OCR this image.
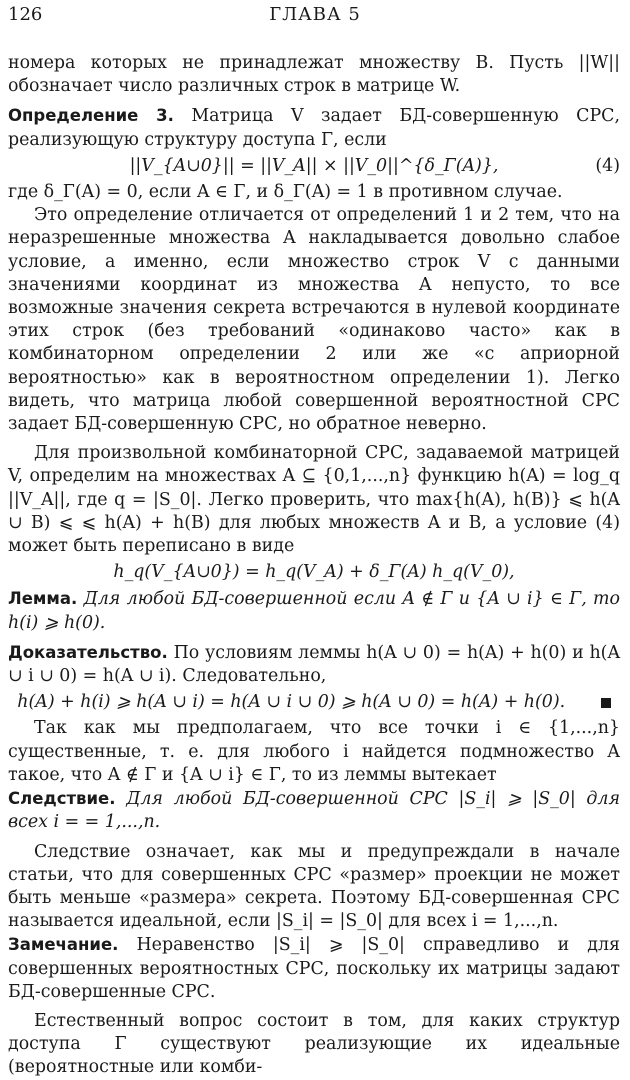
126	ГЛАВА 5

номера которых не принадлежат множеству B. Пусть ||W|| обозначает число различных строк в матрице W.

Определение 3. Матрица V задает БД-совершенную СРС, реализующую структуру доступа Γ, если

||V_{A∪0}|| = ||V_A|| × ||V_0||^{δ_Γ(A)},	(4)

где δ_Γ(A) = 0, если A ∈ Γ, и δ_Γ(A) = 1 в противном случае.

Это определение отличается от определений 1 и 2 тем, что на неразрешенные множества A накладывается довольно слабое условие, а именно, если множество строк V с данными значениями координат из множества A непусто, то все возможные значения секрета встречаются в нулевой координате этих строк (без требований «одинаково часто» как в комбинаторном определении 2 или же «с априорной вероятностью» как в вероятностном определении 1). Легко видеть, что матрица любой совершенной вероятностной СРС задает БД-совершенную СРС, но обратное неверно.

Для произвольной комбинаторной СРС, задаваемой матрицей V, определим на множествах A ⊆ {0,1,...,n} функцию h(A) = log_q ||V_A||, где q = |S_0|. Легко проверить, что max{h(A), h(B)} ⩽ h(A ∪ B) ⩽ ⩽ h(A) + h(B) для любых множеств A и B, а условие (4) может быть переписано в виде

h_q(V_{A∪0}) = h_q(V_A) + δ_Γ(A) h_q(V_0),

Лемма. Для любой БД-совершенной если A ∉ Γ и {A ∪ i} ∈ Γ, то h(i) ⩾ h(0).

Доказательство. По условиям леммы h(A ∪ 0) = h(A) + h(0) и h(A ∪ i ∪ 0) = h(A ∪ i). Следовательно,

h(A) + h(i) ⩾ h(A ∪ i) = h(A ∪ i ∪ 0) ⩾ h(A ∪ 0) = h(A) + h(0).

Так как мы предполагаем, что все точки i ∈ {1,...,n} существенные, т. е. для любого i найдется подмножество A такое, что A ∉ Γ и {A ∪ i} ∈ Γ, то из леммы вытекает

Следствие. Для любой БД-совершенной СРС |S_i| ⩾ |S_0| для всех i = = 1,...,n.

Следствие означает, как мы и предупреждали в начале статьи, что для совершенных СРС «размер» проекции не может быть меньше «размера» секрета. Поэтому БД-совершенная СРС называется идеальной, если |S_i| = |S_0| для всех i = 1,...,n.

Замечание. Неравенство |S_i| ⩾ |S_0| справедливо и для совершенных вероятностных СРС, поскольку их матрицы задают БД-совершенные СРС.

Естественный вопрос состоит в том, для каких структур доступа Γ существуют реализующие их идеальные (вероятностные или комби-
